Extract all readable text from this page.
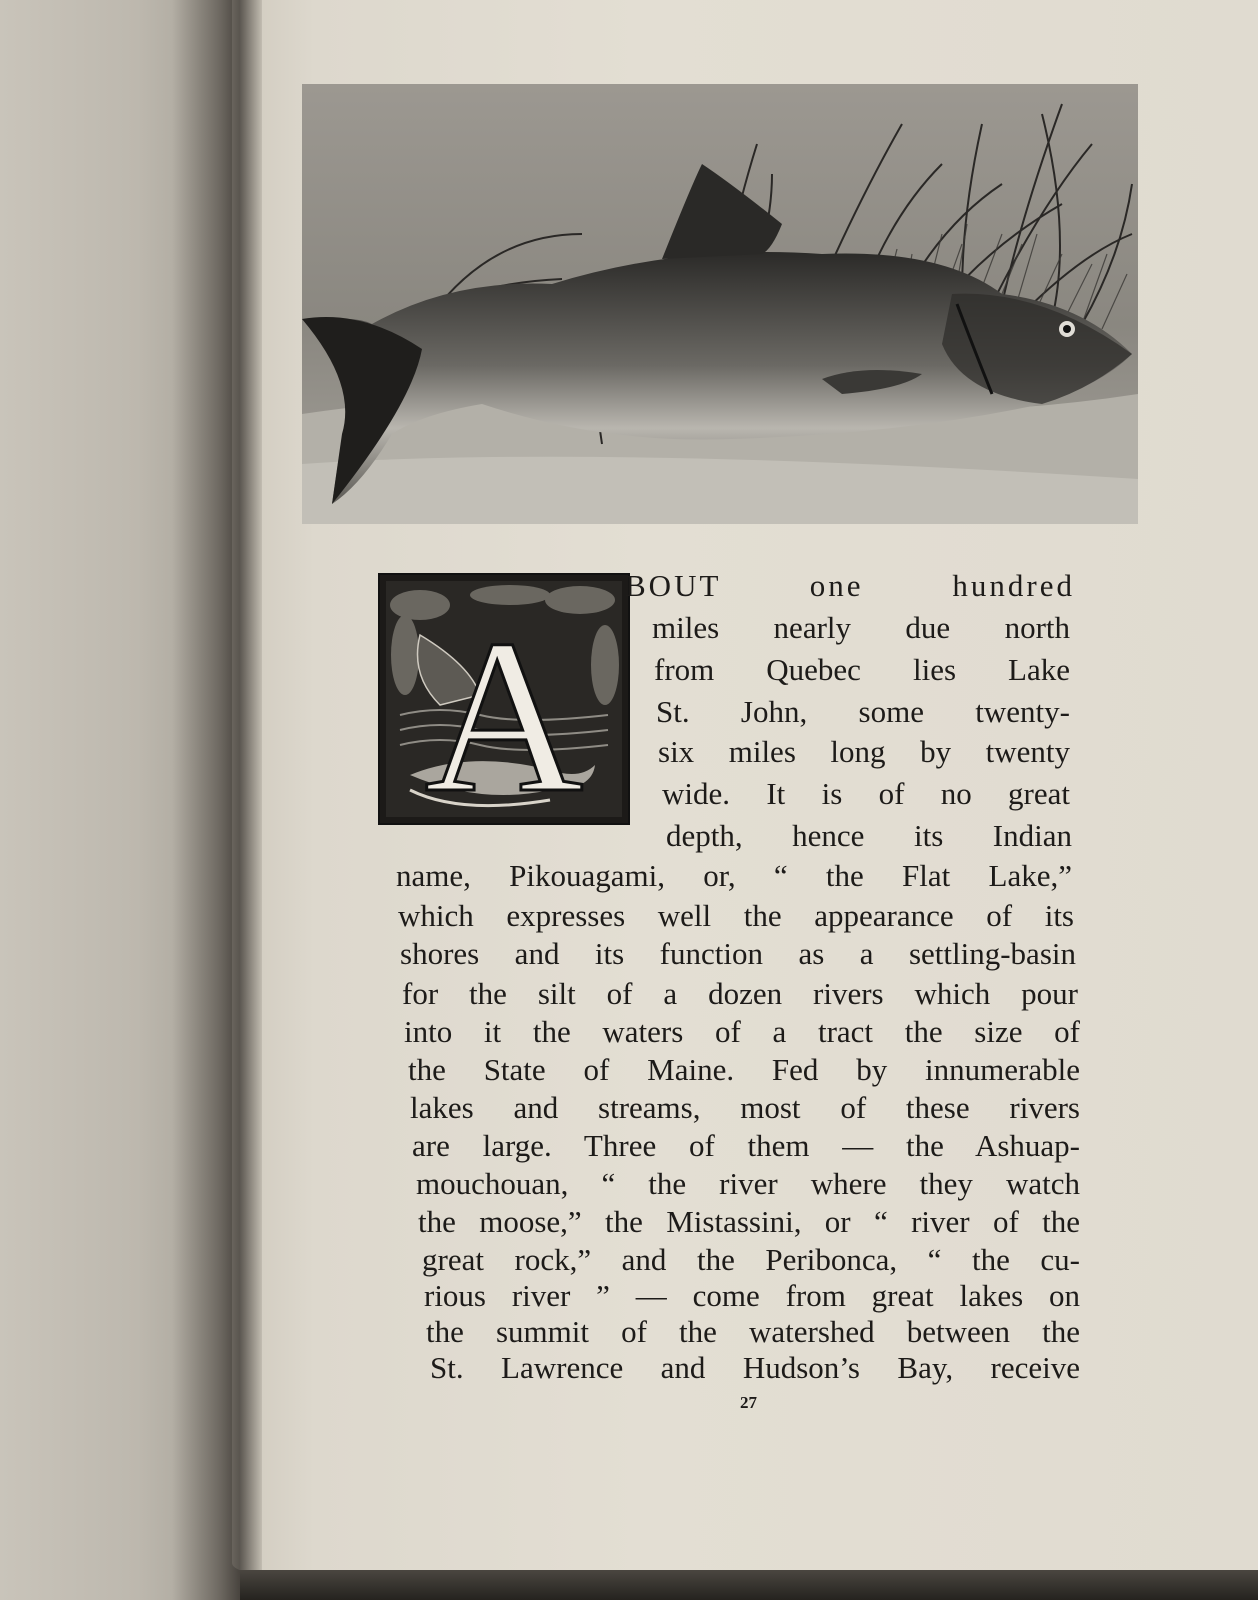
A
BOUT one hundred
miles nearly due north
from Quebec lies Lake
St. John, some twenty-
six miles long by twenty
wide. It is of no great
depth, hence its Indian
name, Pikouagami, or, “ the Flat Lake,”
which expresses well the appearance of its
shores and its function as a settling-basin
for the silt of a dozen rivers which pour
into it the waters of a tract the size of
the State of Maine. Fed by innumerable
lakes and streams, most of these rivers
are large. Three of them — the Ashuap-
mouchouan, “ the river where they watch
the moose,” the Mistassini, or “ river of the
great rock,” and the Peribonca, “ the cu-
rious river ” — come from great lakes on
the summit of the watershed between the
St. Lawrence and Hudson’s Bay, receive
27
